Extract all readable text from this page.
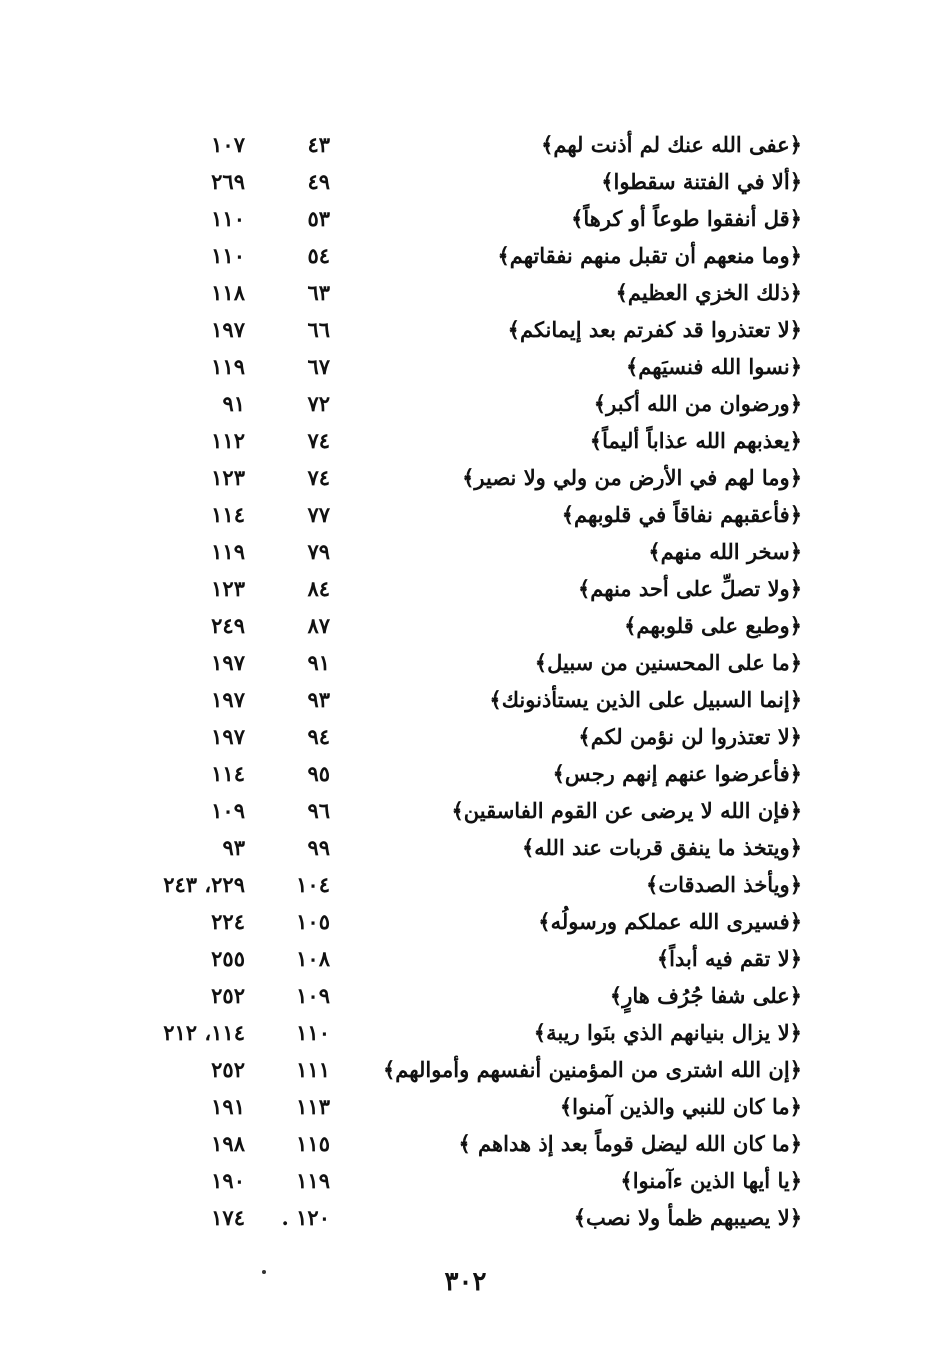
﴿عفى الله عنك لم أذنت لهم﴾
٤٣
١٠٧
﴿ألا في الفتنة سقطوا﴾
٤٩
٢٦٩
﴿قل أنفقوا طوعاً أو كرهاً﴾
٥٣
١١٠
﴿وما منعهم أن تقبل منهم نفقاتهم﴾
٥٤
١١٠
﴿ذلك الخزي العظيم﴾
٦٣
١١٨
﴿لا تعتذروا قد كفرتم بعد إيمانكم﴾
٦٦
١٩٧
﴿نسوا الله فنسيَهم﴾
٦٧
١١٩
﴿ورضوان من الله أكبر﴾
٧٢
٩١
﴿يعذبهم الله عذاباً أليماً﴾
٧٤
١١٢
﴿وما لهم في الأرض من ولي ولا نصير﴾
٧٤
١٢٣
﴿فأعقبهم نفاقاً في قلوبهم﴾
٧٧
١١٤
﴿سخر الله منهم﴾
٧٩
١١٩
﴿ولا تصلِّ على أحد منهم﴾
٨٤
١٢٣
﴿وطبع على قلوبهم﴾
٨٧
٢٤٩
﴿ما على المحسنين من سبيل﴾
٩١
١٩٧
﴿إنما السبيل على الذين يستأذنونك﴾
٩٣
١٩٧
﴿لا تعتذروا لن نؤمن لكم﴾
٩٤
١٩٧
﴿فأعرضوا عنهم إنهم رجس﴾
٩٥
١١٤
﴿فإن الله لا يرضى عن القوم الفاسقين﴾
٩٦
١٠٩
﴿ويتخذ ما ينفق قربات عند الله﴾
٩٩
٩٣
﴿ويأخذ الصدقات﴾
١٠٤
٢٢٩، ٢٤٣
﴿فسيرى الله عملكم ورسولُه﴾
١٠٥
٢٢٤
﴿لا تقم فيه أبداً﴾
١٠٨
٢٥٥
﴿على شفا جُرُف هارٍ﴾
١٠٩
٢٥٢
﴿لا يزال بنيانهم الذي بنَوا ريبة﴾
١١٠
١١٤، ٢١٢
﴿إن الله اشترى من المؤمنين أنفسهم وأموالهم﴾
١١١
٢٥٢
﴿ما كان للنبي والذين آمنوا﴾
١١٣
١٩١
﴿ما كان الله ليضل قوماً بعد إذ هداهم ﴾
١١٥
١٩٨
﴿يا أيها الذين ءآمنوا﴾
١١٩
١٩٠
﴿لا يصيبهم ظمأ ولا نصب﴾
١٢٠ .
١٧٤
٣٠٢
